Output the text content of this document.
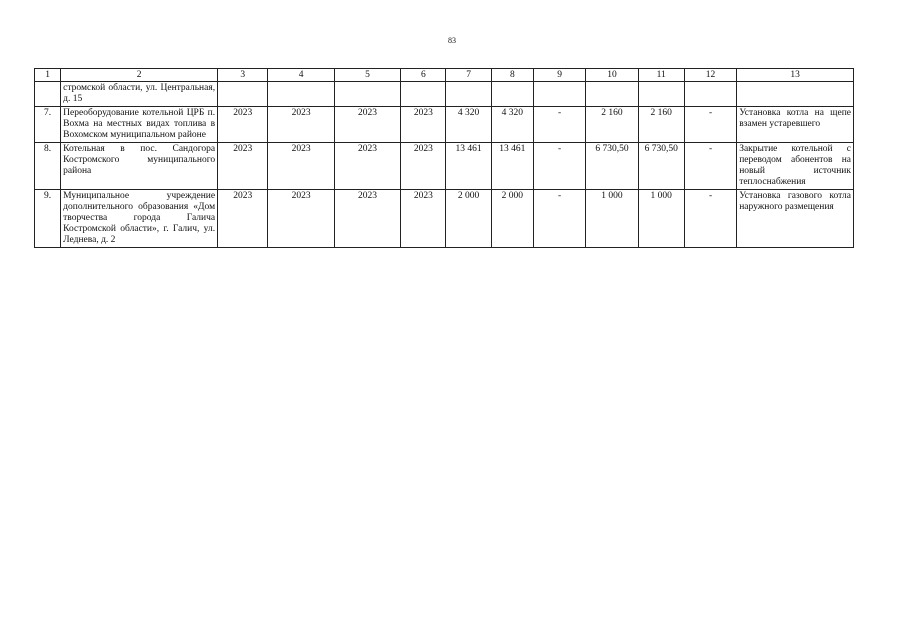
83
1	2	3	4	5	6	7	8	9	10	11	12	13
	стромской области, ул. Центральная, д. 15											
7.	Переоборудование котельной ЦРБ п. Вохма на местных видах топлива в Вохомском муниципальном районе	2023	2023	2023	2023	4 320	4 320	-	2 160	2 160	-	Установка котла на щепе взамен устаревшего
8.	Котельная в пос. Сандогора Костромского муниципального района	2023	2023	2023	2023	13 461	13 461	-	6 730,50	6 730,50	-	Закрытие котельной с переводом абонентов на новый источник теплоснабжения
9.	Муниципальное учреждение дополнительного образования «Дом творчества города Галича Костромской области», г. Галич, ул. Леднева, д. 2	2023	2023	2023	2023	2 000	2 000	-	1 000	1 000	-	Установка газового котла наружного размещения
